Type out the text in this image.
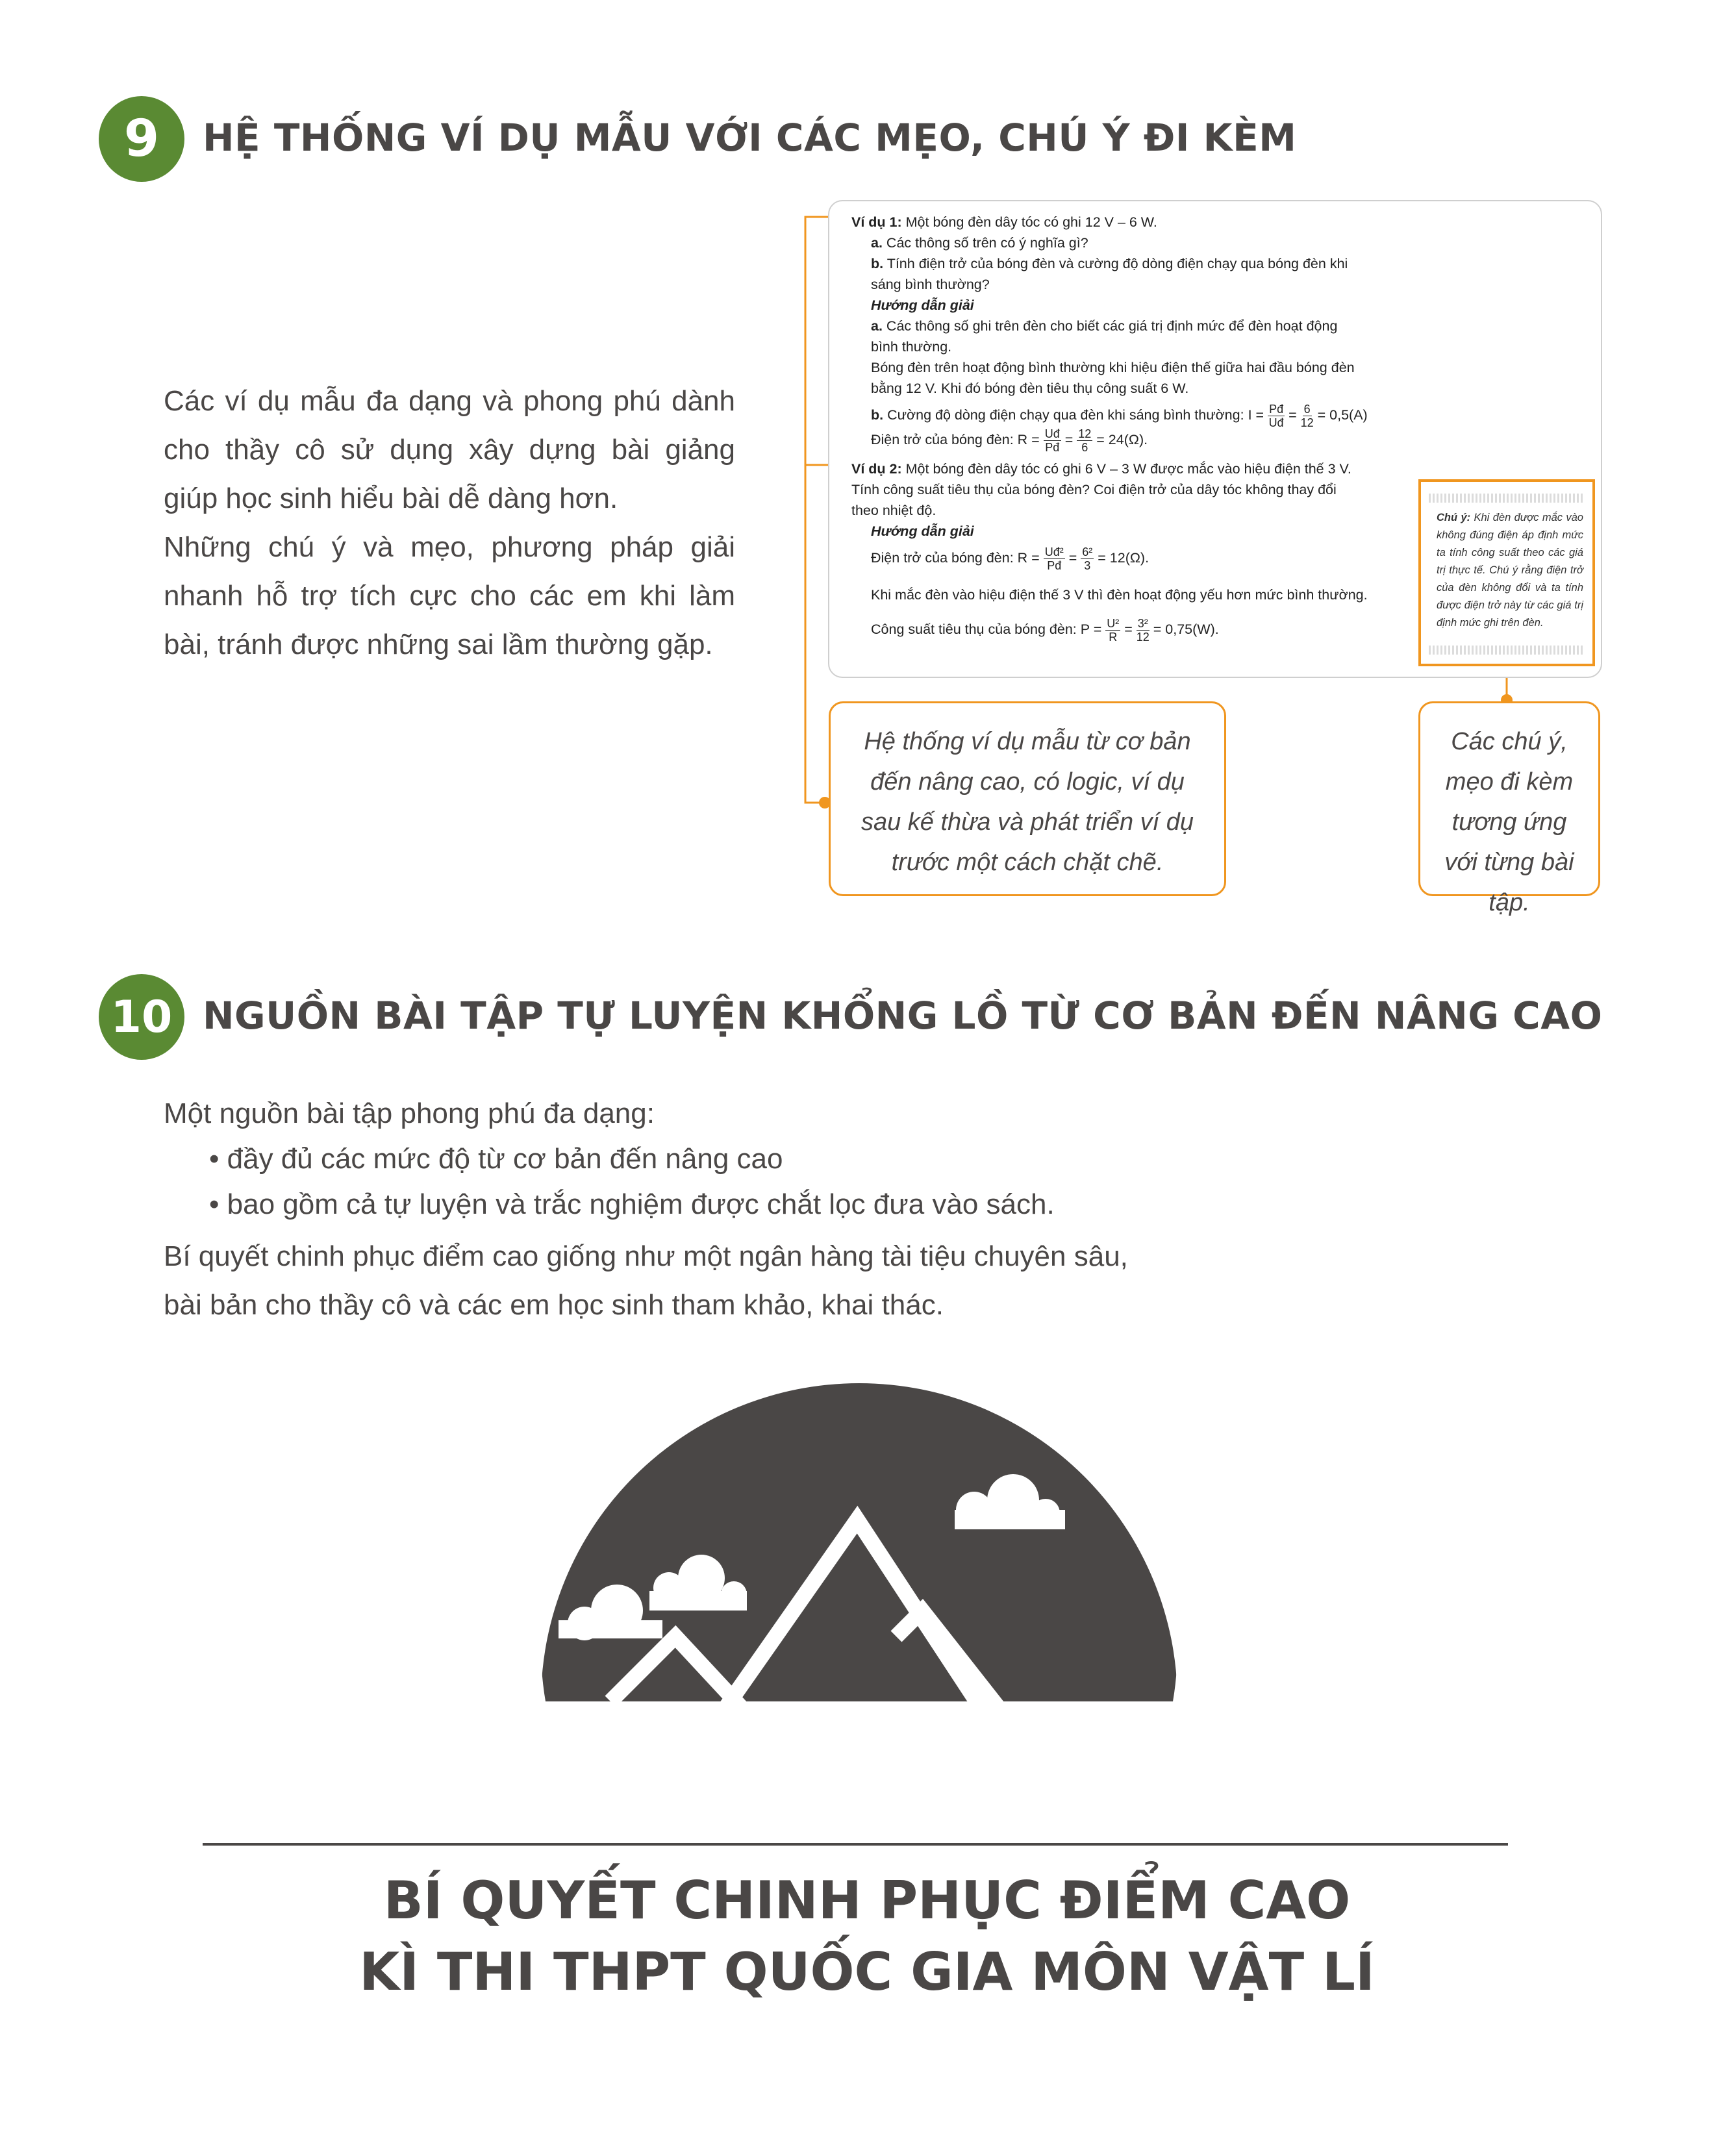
9 HỆ THỐNG VÍ DỤ MẪU VỚI CÁC MẸO, CHÚ Ý ĐI KÈM

Các ví dụ mẫu đa dạng và phong phú dành cho thầy cô sử dụng xây dựng bài giảng giúp học sinh hiểu bài dễ dàng hơn.

Những chú ý và mẹo, phương pháp giải nhanh hỗ trợ tích cực cho các em khi làm bài, tránh được những sai lầm thường gặp.

Ví dụ 1: Một bóng đèn dây tóc có ghi 12 V – 6 W.
a. Các thông số trên có ý nghĩa gì?
b. Tính điện trở của bóng đèn và cường độ dòng điện chạy qua bóng đèn khi
sáng bình thường?
Hướng dẫn giải
a. Các thông số ghi trên đèn cho biết các giá trị định mức để đèn hoạt động
bình thường.
Bóng đèn trên hoạt động bình thường khi hiệu điện thế giữa hai đầu bóng đèn
bằng 12 V. Khi đó bóng đèn tiêu thụ công suất 6 W.
b. Cường độ dòng điện chạy qua đèn khi sáng bình thường: $I = \frac{Pđ}{Uđ} = \frac{6}{12} = 0,5(A)$
Điện trở của bóng đèn: $R = \frac{Uđ}{Pđ} = \frac{12}{6} = 24(\Omega)$.
Ví dụ 2: Một bóng đèn dây tóc có ghi 6 V – 3 W được mắc vào hiệu điện thế 3 V.
Tính công suất tiêu thụ của bóng đèn? Coi điện trở của dây tóc không thay đổi
theo nhiệt độ.
Hướng dẫn giải
Điện trở của bóng đèn: $R = \frac{\text{Uđ²}}{Pđ} = \frac{\text{6²}}{3} = 12(\Omega)$.
Khi mắc đèn vào hiệu điện thế 3 V thì đèn hoạt động yếu hơn mức bình thường.
Công suất tiêu thụ của bóng đèn: $P = \frac{\text{U²}}{R} = \frac{\text{3²}}{12} = 0,75(W)$.
Chú ý: Khi đèn được mắc vào không đúng điện áp định mức ta tính công suất theo các giá trị thực tế. Chú ý rằng điện trở của đèn không đổi và ta tính được điện trở này từ các giá trị định mức ghi trên đèn.
Hệ thống ví dụ mẫu từ cơ bản đến nâng cao, có logic, ví dụ sau kế thừa và phát triển ví dụ trước một cách chặt chẽ.
Các chú ý, mẹo đi kèm tương ứng với từng bài tập.
10 NGUỒN BÀI TẬP TỰ LUYỆN KHỔNG LỒ TỪ CƠ BẢN ĐẾN NÂNG CAO
Một nguồn bài tập phong phú đa dạng:
• đầy đủ các mức độ từ cơ bản đến nâng cao
• bao gồm cả tự luyện và trắc nghiệm được chắt lọc đưa vào sách.
Bí quyết chinh phục điểm cao giống như một ngân hàng tài tiệu chuyên sâu,
bài bản cho thầy cô và các em học sinh tham khảo, khai thác.
BÍ QUYẾT CHINH PHỤC ĐIỂM CAO
KÌ THI THPT QUỐC GIA MÔN VẬT LÍ
